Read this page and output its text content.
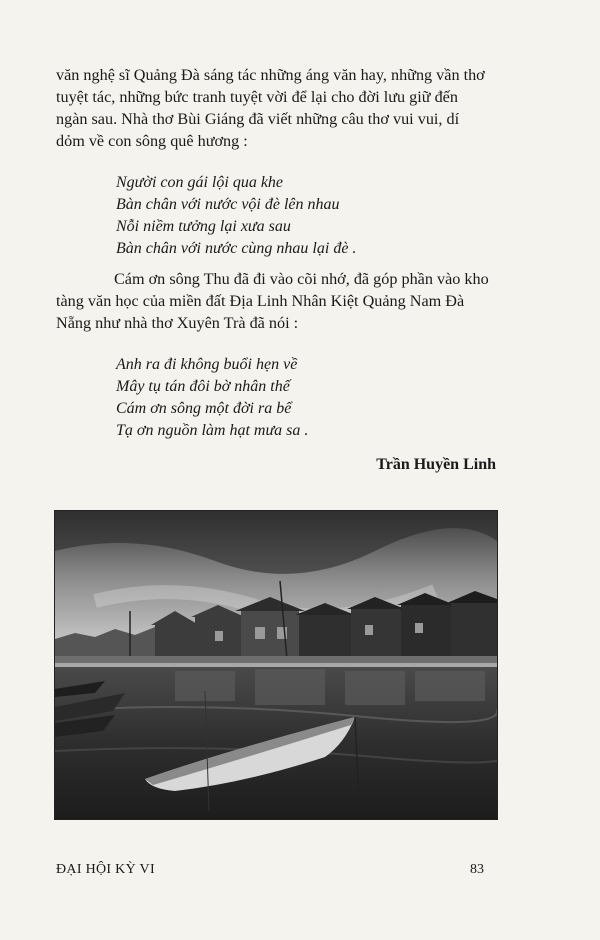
văn nghệ sĩ Quảng Đà sáng tác những áng văn hay, những vần thơ
tuyệt tác, những bức tranh tuyệt vời để lại cho đời lưu giữ đến
ngàn sau. Nhà thơ Bùi Giáng đã viết những câu thơ vui vui, dí
dỏm về con sông quê hương :
Người con gái lội qua khe
Bàn chân với nước vội đè lên nhau
Nỗi niềm tưởng lại xưa sau
Bàn chân với nước cùng nhau lại đè .
Cám ơn sông Thu đã đi vào cõi nhớ, đã góp phần vào kho
tàng văn học của miền đất Địa Linh Nhân Kiệt Quảng Nam Đà
Nẵng như nhà thơ Xuyên Trà đã nói :
Anh ra đi không buổi hẹn về
Mây tụ tán đôi bờ nhân thế
Cám ơn sông một đời ra bể
Tạ ơn nguồn làm hạt mưa sa .
Trần Huyền Linh
ĐẠI HỘI KỲ VI	83
